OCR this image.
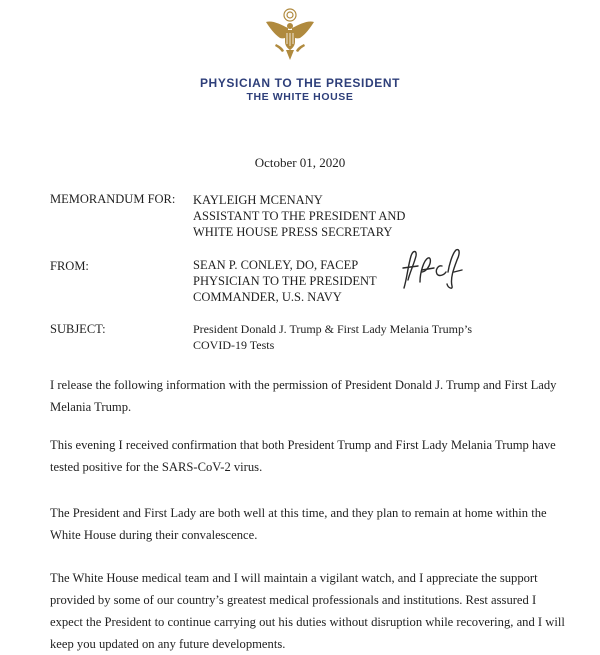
PHYSICIAN TO THE PRESIDENT
THE WHITE HOUSE
October 01, 2020
MEMORANDUM FOR: KAYLEIGH MCENANY
ASSISTANT TO THE PRESIDENT AND
WHITE HOUSE PRESS SECRETARY
FROM:	SEAN P. CONLEY, DO, FACEP
PHYSICIAN TO THE PRESIDENT
COMMANDER, U.S. NAVY
SUBJECT:	President Donald J. Trump & First Lady Melania Trump’s
COVID-19 Tests

I release the following information with the permission of President Donald J. Trump and First Lady Melania Trump.

This evening I received confirmation that both President Trump and First Lady Melania Trump have tested positive for the SARS-CoV-2 virus.

The President and First Lady are both well at this time, and they plan to remain at home within the White House during their convalescence.

The White House medical team and I will maintain a vigilant watch, and I appreciate the support provided by some of our country’s greatest medical professionals and institutions. Rest assured I expect the President to continue carrying out his duties without disruption while recovering, and I will keep you updated on any future developments.
